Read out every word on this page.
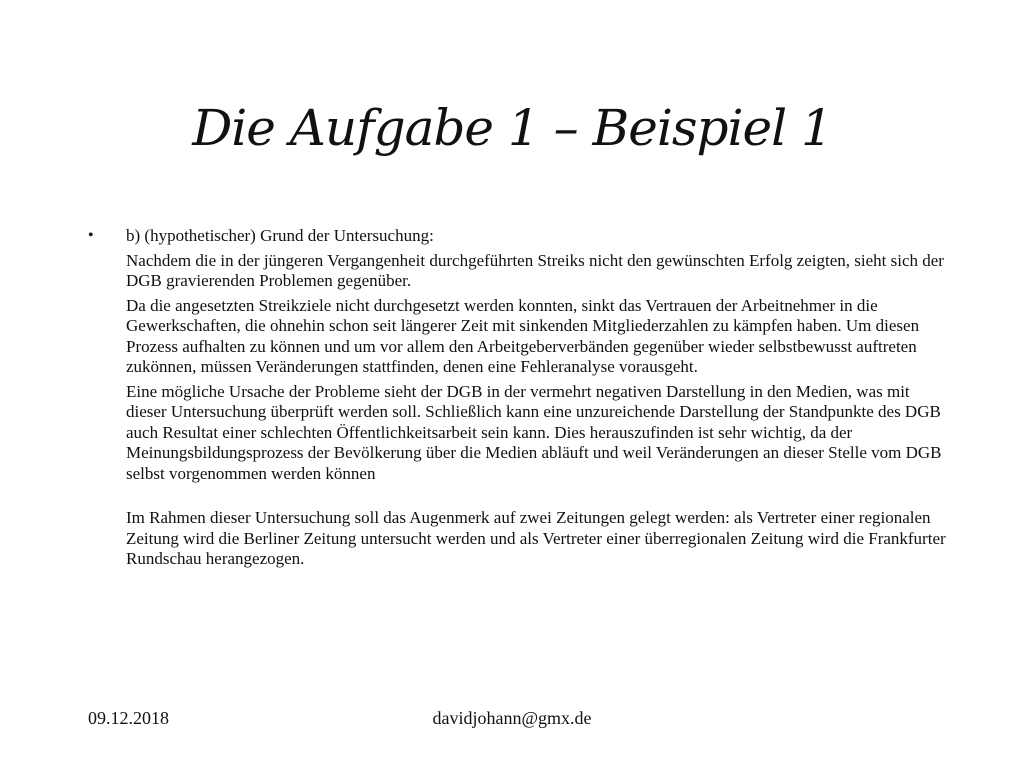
Die Aufgabe 1 – Beispiel 1
•	b) (hypothetischer) Grund der Untersuchung:

Nachdem die in der jüngeren Vergangenheit durchgeführten Streiks nicht den gewünschten Erfolg zeigten, sieht sich der DGB gravierenden Problemen gegenüber.

Da die angesetzten Streikziele nicht durchgesetzt werden konnten, sinkt das Vertrauen der Arbeitnehmer in die Gewerkschaften, die ohnehin schon seit längerer Zeit mit sinkenden Mitgliederzahlen zu kämpfen haben. Um diesen Prozess aufhalten zu können und um vor allem den Arbeitgeberverbänden gegenüber wieder selbstbewusst auftreten zukönnen, müssen Veränderungen stattfinden, denen eine Fehleranalyse vorausgeht.

Eine mögliche Ursache der Probleme sieht der DGB in der vermehrt negativen Darstellung in den Medien, was mit dieser Untersuchung überprüft werden soll. Schließlich kann eine unzureichende Darstellung der Standpunkte des DGB auch Resultat einer schlechten Öffentlichkeitsarbeit sein kann. Dies herauszufinden ist sehr wichtig, da der Meinungsbildungsprozess der Bevölkerung über die Medien abläuft und weil Veränderungen an dieser Stelle vom DGB selbst vorgenommen werden können

Im Rahmen dieser Untersuchung soll das Augenmerk auf zwei Zeitungen gelegt werden: als Vertreter einer regionalen Zeitung wird die Berliner Zeitung untersucht werden und als Vertreter einer überregionalen Zeitung wird die Frankfurter Rundschau herangezogen.

09.12.2018	davidjohann@gmx.de
